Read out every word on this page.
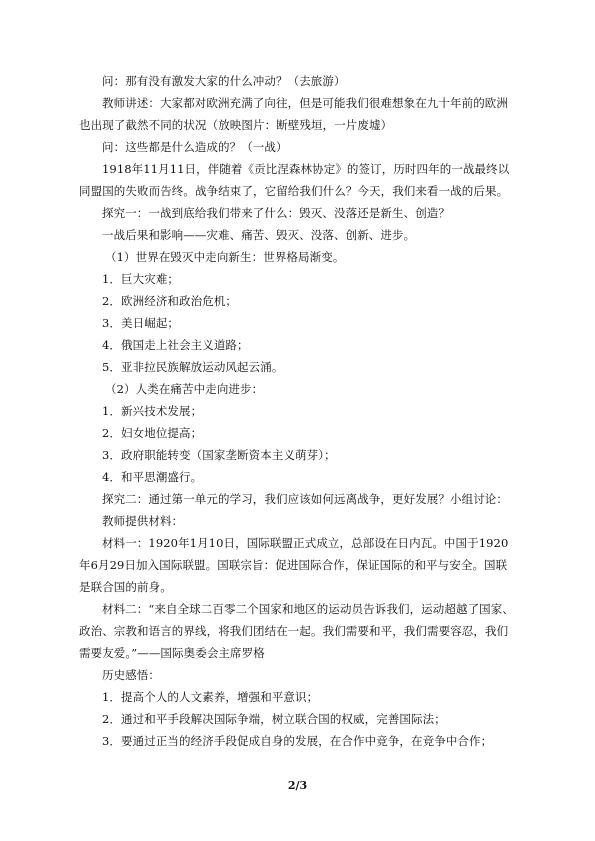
问：那有没有激发大家的什么冲动？（去旅游）

教师讲述：大家都对欧洲充满了向往，但是可能我们很难想象在九十年前的欧洲也出现了截然不同的状况（放映图片：断壁残垣，一片废墟）

问：这些都是什么造成的？（一战）

1918年11月11日，伴随着《贡比涅森林协定》的签订，历时四年的一战最终以同盟国的失败而告终。战争结束了，它留给我们什么？今天，我们来看一战的后果。

探究一：一战到底给我们带来了什么：毁灭、没落还是新生、创造？

一战后果和影响——灾难、痛苦、毁灭、没落、创新、进步。

（1）世界在毁灭中走向新生：世界格局渐变。

1．巨大灾难；

2．欧洲经济和政治危机；

3．美日崛起；

4．俄国走上社会主义道路；

5．亚非拉民族解放运动风起云涌。

（2）人类在痛苦中走向进步：

1．新兴技术发展；

2．妇女地位提高；

3．政府职能转变（国家垄断资本主义萌芽）；

4．和平思潮盛行。

探究二：通过第一单元的学习，我们应该如何远离战争，更好发展？小组讨论：

教师提供材料：

材料一：1920年1月10日，国际联盟正式成立，总部设在日内瓦。中国于1920年6月29日加入国际联盟。国联宗旨：促进国际合作，保证国际的和平与安全。国联是联合国的前身。

材料二：“来自全球二百零二个国家和地区的运动员告诉我们，运动超越了国家、政治、宗教和语言的界线，将我们团结在一起。我们需要和平，我们需要容忍，我们需要友爱。”——国际奥委会主席罗格

历史感悟：

1．提高个人的人文素养，增强和平意识；

2．通过和平手段解决国际争端，树立联合国的权威，完善国际法；

3．要通过正当的经济手段促成自身的发展，在合作中竞争，在竞争中合作；

2/3
